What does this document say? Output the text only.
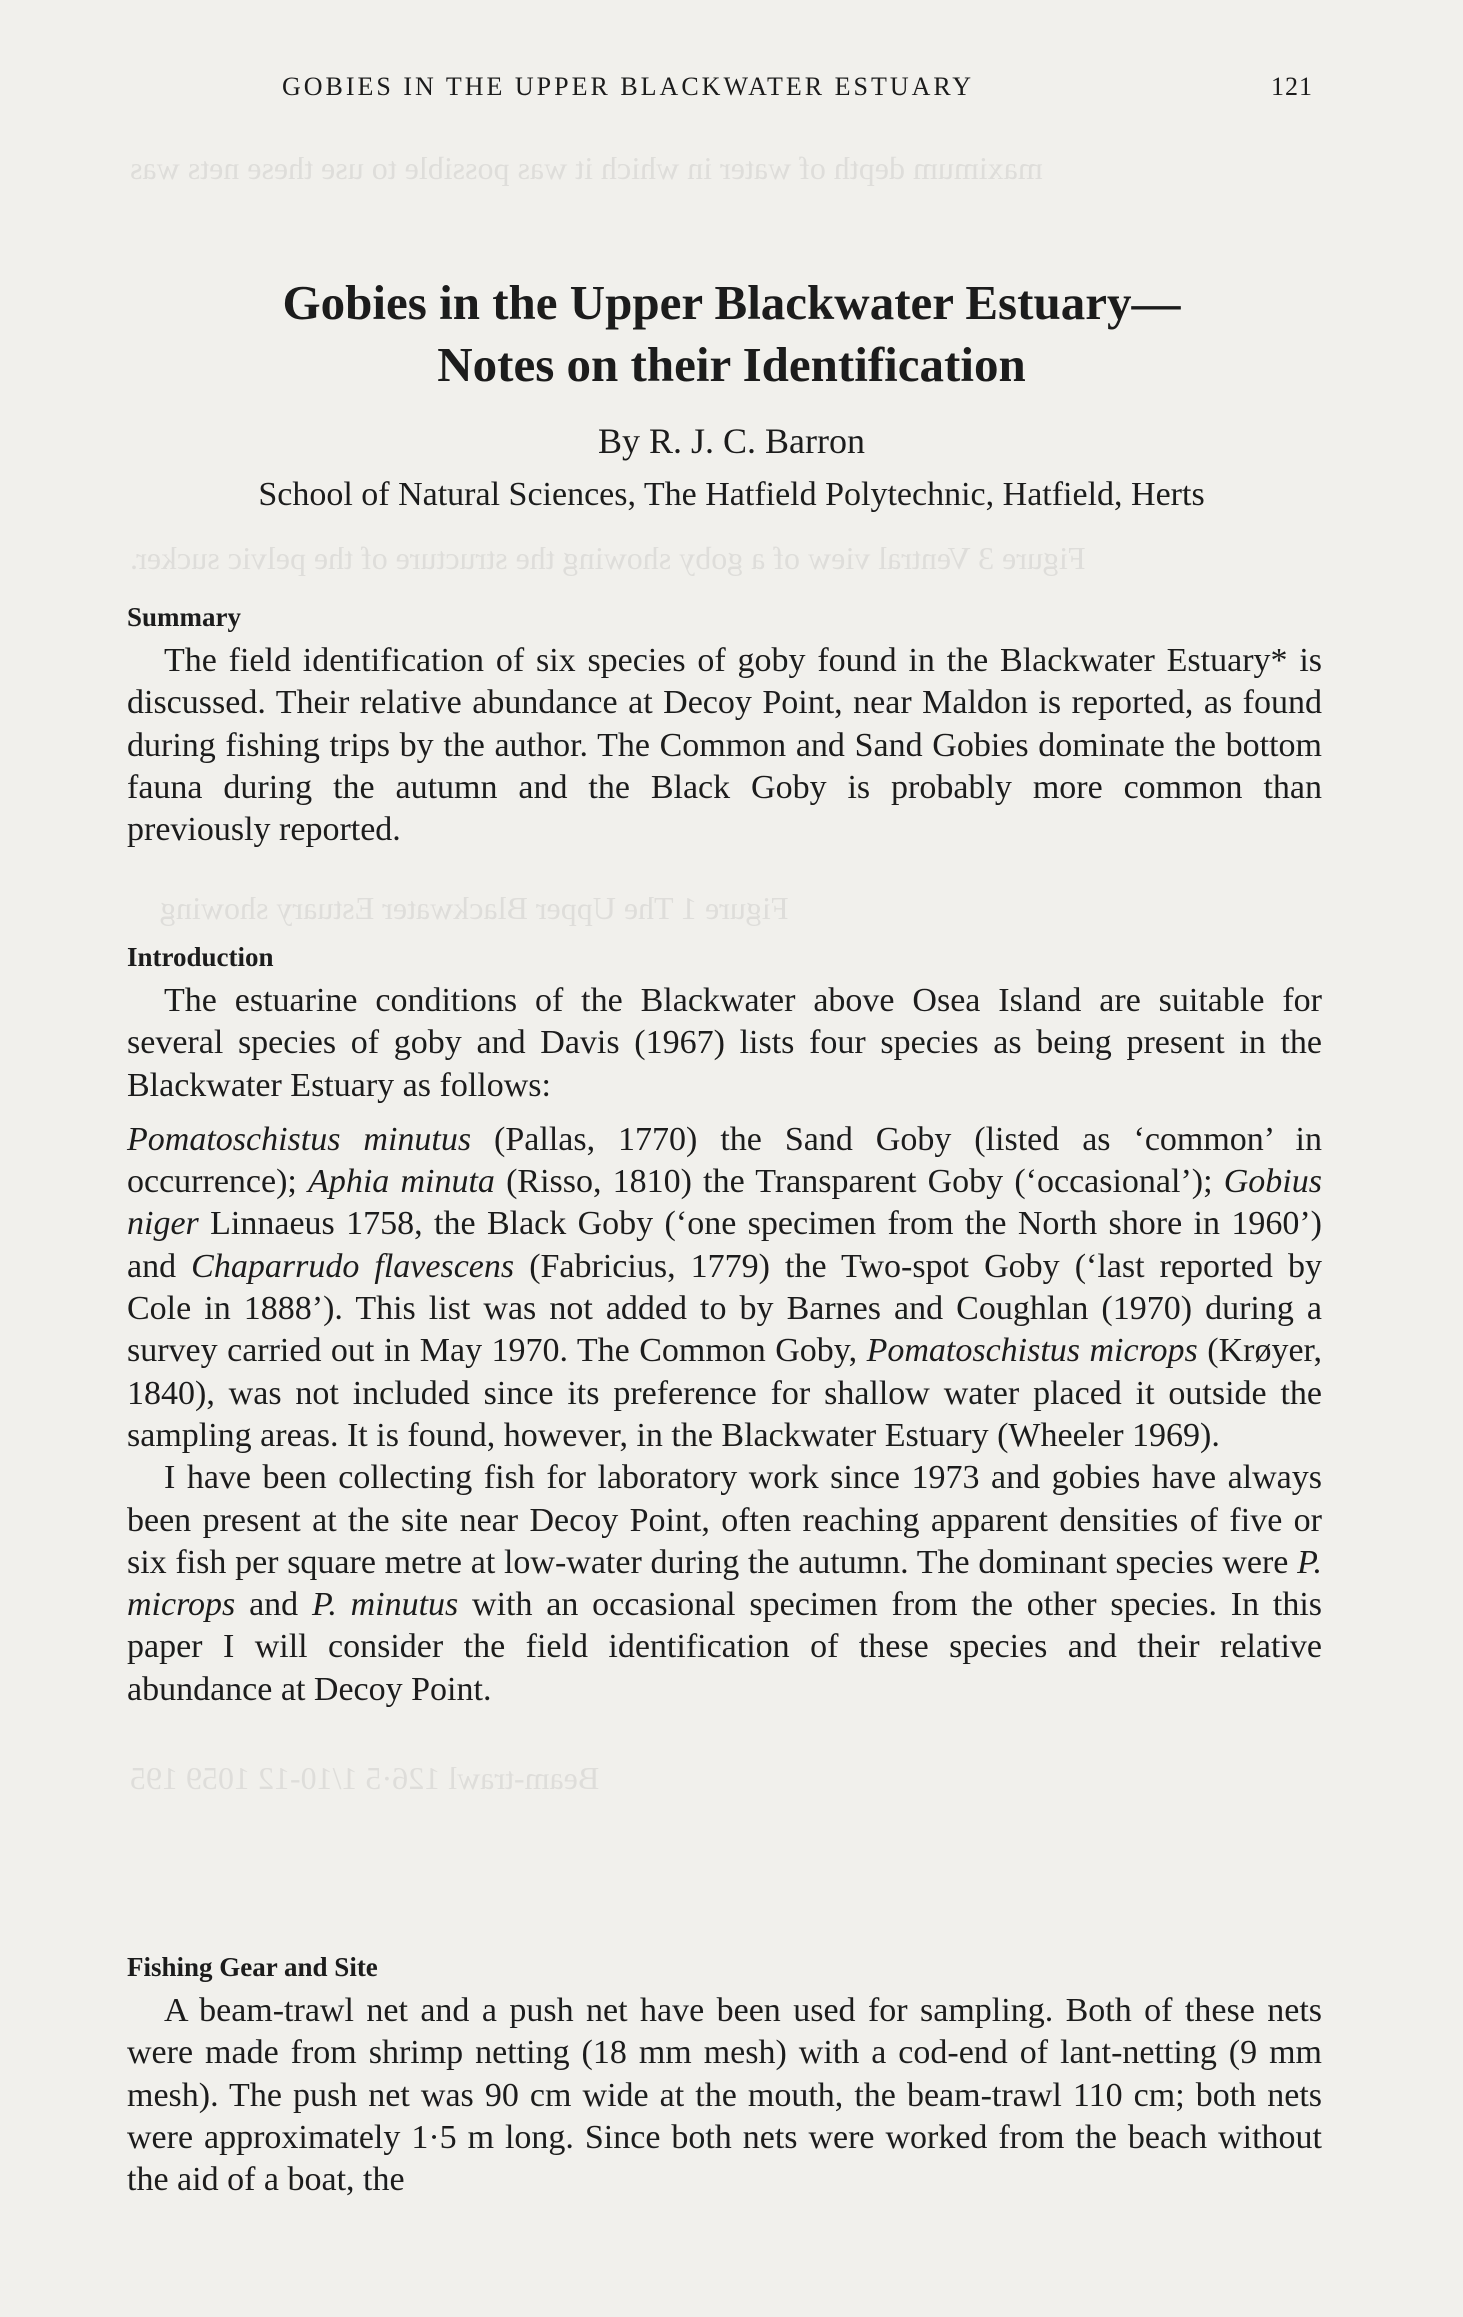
maximum depth of water in which it was possible to use these nets was
Figure 3 Ventral view of a goby showing the structure of the pelvic sucker.
Figure 1 The Upper Blackwater Estuary showing
Beam-trawl 126·5 1/10-12 1059 195
GOBIES IN THE UPPER BLACKWATER ESTUARY	121
Gobies in the Upper Blackwater Estuary—
Notes on their Identification
By R. J. C. Barron
School of Natural Sciences, The Hatfield Polytechnic, Hatfield, Herts
Summary

The field identification of six species of goby found in the Blackwater Estuary* is discussed. Their relative abundance at Decoy Point, near Maldon is reported, as found during fishing trips by the author. The Common and Sand Gobies dominate the bottom fauna during the autumn and the Black Goby is probably more common than previously reported.

Introduction

The estuarine conditions of the Blackwater above Osea Island are suitable for several species of goby and Davis (1967) lists four species as being present in the Blackwater Estuary as follows:

Pomatoschistus minutus (Pallas, 1770) the Sand Goby (listed as ‘common’ in occurrence); Aphia minuta (Risso, 1810) the Transparent Goby (‘occasional’); Gobius niger Linnaeus 1758, the Black Goby (‘one specimen from the North shore in 1960’) and Chaparrudo flavescens (Fabricius, 1779) the Two-spot Goby (‘last reported by Cole in 1888’). This list was not added to by Barnes and Coughlan (1970) during a survey carried out in May 1970. The Common Goby, Pomatoschistus microps (Krøyer, 1840), was not included since its preference for shallow water placed it outside the sampling areas. It is found, however, in the Blackwater Estuary (Wheeler 1969).

I have been collecting fish for laboratory work since 1973 and gobies have always been present at the site near Decoy Point, often reaching apparent densities of five or six fish per square metre at low-water during the autumn. The dominant species were P. microps and P. minutus with an occasional specimen from the other species. In this paper I will consider the field identification of these species and their relative abundance at Decoy Point.

Fishing Gear and Site

A beam-trawl net and a push net have been used for sampling. Both of these nets were made from shrimp netting (18 mm mesh) with a cod-end of lant-netting (9 mm mesh). The push net was 90 cm wide at the mouth, the beam-trawl 110 cm; both nets were approximately 1·5 m long. Since both nets were worked from the beach without the aid of a boat, the
